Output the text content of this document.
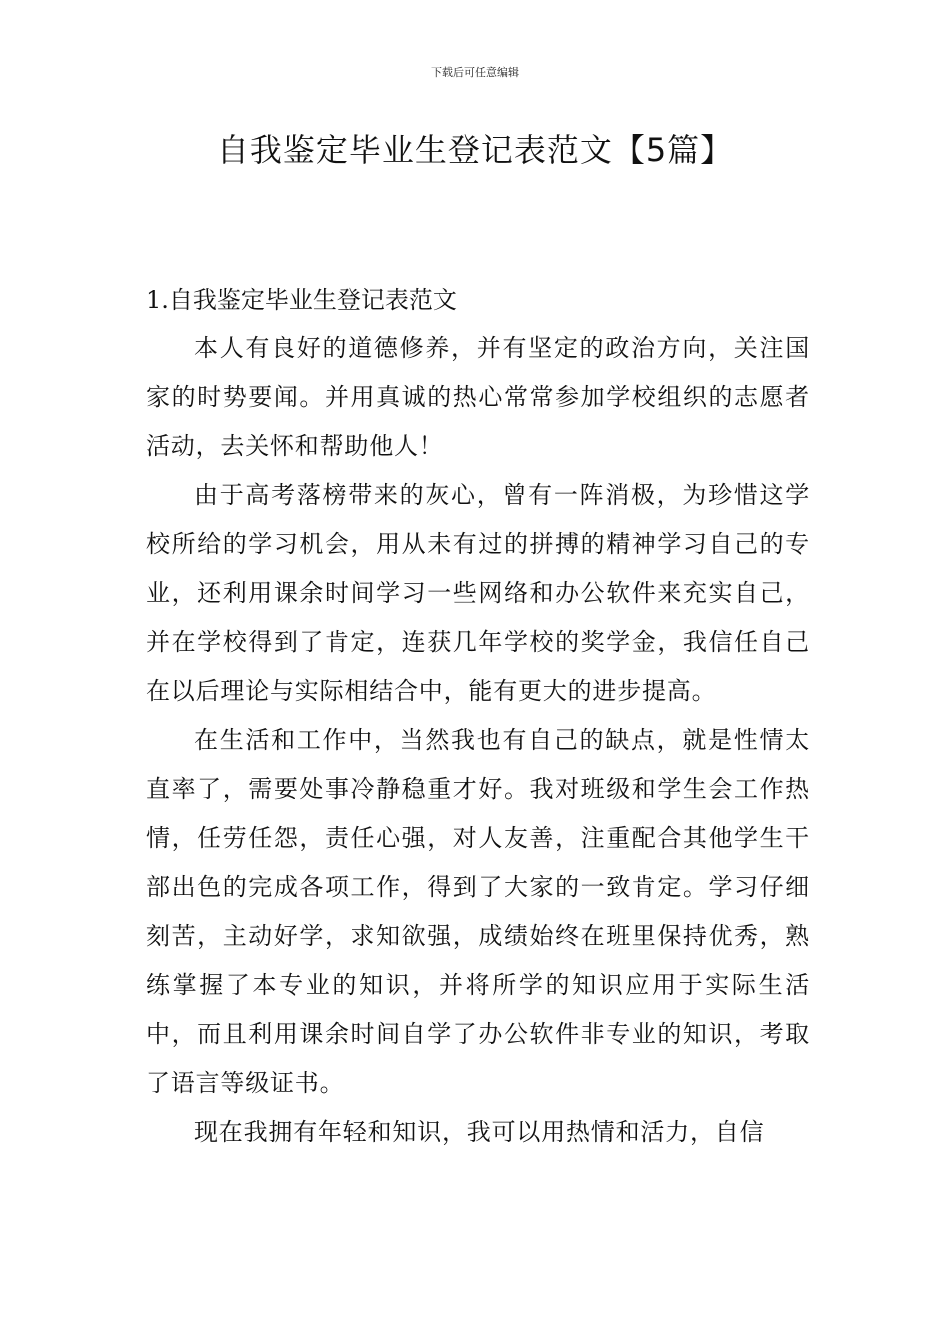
下载后可任意编辑
自我鉴定毕业生登记表范文【5篇】

1.自我鉴定毕业生登记表范文

本人有良好的道德修养，并有坚定的政治方向，关注国家的时势要闻。并用真诚的热心常常参加学校组织的志愿者活动，去关怀和帮助他人！

由于高考落榜带来的灰心，曾有一阵消极，为珍惜这学校所给的学习机会，用从未有过的拼搏的精神学习自己的专业，还利用课余时间学习一些网络和办公软件来充实自己，并在学校得到了肯定，连获几年学校的奖学金，我信任自己在以后理论与实际相结合中，能有更大的进步提高。

在生活和工作中，当然我也有自己的缺点，就是性情太直率了，需要处事冷静稳重才好。我对班级和学生会工作热情，任劳任怨，责任心强，对人友善，注重配合其他学生干部出色的完成各项工作，得到了大家的一致肯定。学习仔细刻苦，主动好学，求知欲强，成绩始终在班里保持优秀，熟练掌握了本专业的知识，并将所学的知识应用于实际生活中，而且利用课余时间自学了办公软件非专业的知识，考取了语言等级证书。

现在我拥有年轻和知识，我可以用热情和活力，自信
